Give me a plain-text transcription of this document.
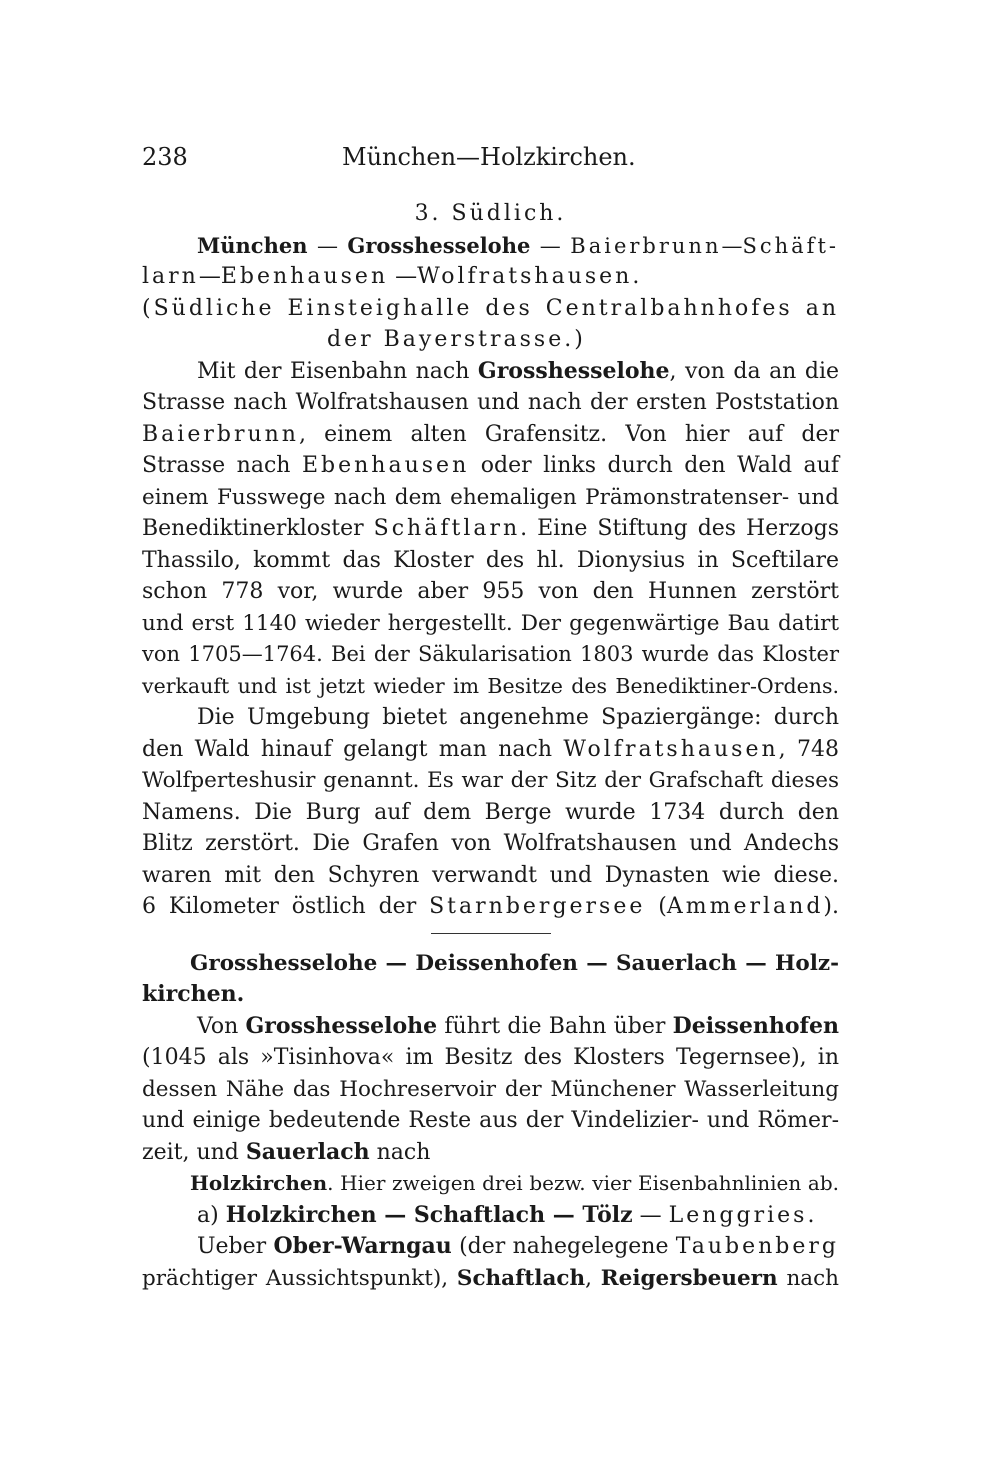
238	München—Holzkirchen.
3. Südlich.
München — Grosshesselohe — Baierbrunn—Schäft-
larn—Ebenhausen —Wolfratshausen.
(Südliche Einsteighalle des Centralbahnhofes an
der Bayerstrasse.)
Mit der Eisenbahn nach Grosshesselohe, von da an die
Strasse nach Wolfratshausen und nach der ersten Poststation
Baierbrunn, einem alten Grafensitz. Von hier auf der
Strasse nach Ebenhausen oder links durch den Wald auf
einem Fusswege nach dem ehemaligen Prämonstratenser- und
Benediktinerkloster Schäftlarn. Eine Stiftung des Herzogs
Thassilo, kommt das Kloster des hl. Dionysius in Sceftilare
schon 778 vor, wurde aber 955 von den Hunnen zerstört
und erst 1140 wieder hergestellt. Der gegenwärtige Bau datirt
von 1705—1764. Bei der Säkularisation 1803 wurde das Kloster
verkauft und ist jetzt wieder im Besitze des Benediktiner-Ordens.
Die Umgebung bietet angenehme Spaziergänge: durch
den Wald hinauf gelangt man nach Wolfratshausen, 748
Wolfperteshusir genannt. Es war der Sitz der Grafschaft dieses
Namens. Die Burg auf dem Berge wurde 1734 durch den
Blitz zerstört. Die Grafen von Wolfratshausen und Andechs
waren mit den Schyren verwandt und Dynasten wie diese.
6 Kilometer östlich der Starnbergersee (Ammerland).
Grosshesselohe — Deissenhofen — Sauerlach — Holz-
kirchen.
Von Grosshesselohe führt die Bahn über Deissenhofen
(1045 als »Tisinhova« im Besitz des Klosters Tegernsee), in
dessen Nähe das Hochreservoir der Münchener Wasserleitung
und einige bedeutende Reste aus der Vindelizier- und Römer-
zeit, und Sauerlach nach
Holzkirchen. Hier zweigen drei bezw. vier Eisenbahnlinien ab.
a) Holzkirchen — Schaftlach — Tölz — Lenggries.
Ueber Ober-Warngau (der nahegelegene Taubenberg
prächtiger Aussichtspunkt), Schaftlach, Reigersbeuern nach
